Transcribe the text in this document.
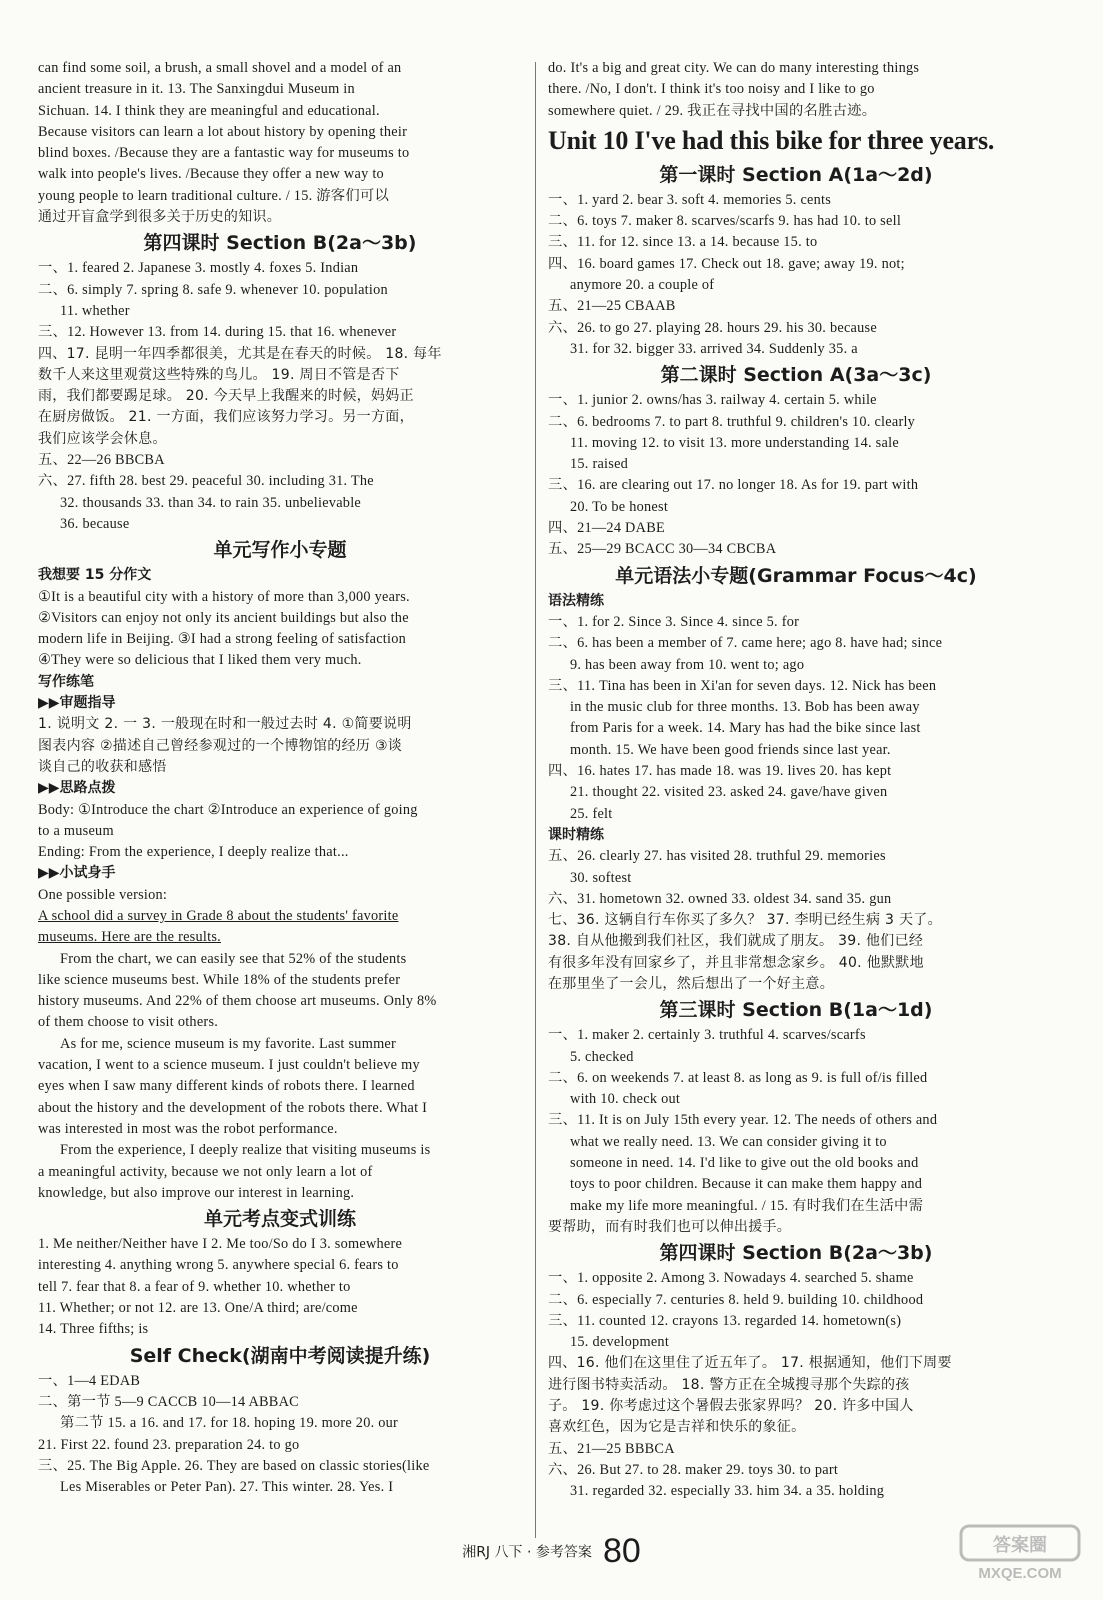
can find some soil, a brush, a small shovel and a model of an
ancient treasure in it. 13. The Sanxingdui Museum in
Sichuan. 14. I think they are meaningful and educational.
Because visitors can learn a lot about history by opening their
blind boxes. /Because they are a fantastic way for museums to
walk into people's lives. /Because they offer a new way to
young people to learn traditional culture. / 15. 游客们可以
通过开盲盒学到很多关于历史的知识。
第四课时 Section B(2a～3b)
一、1. feared 2. Japanese 3. mostly 4. foxes 5. Indian
二、6. simply 7. spring 8. safe 9. whenever 10. population
11. whether
三、12. However 13. from 14. during 15. that 16. whenever
四、17. 昆明一年四季都很美，尤其是在春天的时候。 18. 每年
数千人来这里观赏这些特殊的鸟儿。 19. 周日不管是否下
雨，我们都要踢足球。 20. 今天早上我醒来的时候，妈妈正
在厨房做饭。 21. 一方面，我们应该努力学习。另一方面，
我们应该学会休息。
五、22—26 BBCBA
六、27. fifth 28. best 29. peaceful 30. including 31. The
32. thousands 33. than 34. to rain 35. unbelievable
36. because
单元写作小专题
我想要 15 分作文
①It is a beautiful city with a history of more than 3,000 years.
②Visitors can enjoy not only its ancient buildings but also the
modern life in Beijing. ③I had a strong feeling of satisfaction
④They were so delicious that I liked them very much.
写作练笔
▶▶审题指导
1. 说明文 2. 一 3. 一般现在时和一般过去时 4. ①简要说明
图表内容 ②描述自己曾经参观过的一个博物馆的经历 ③谈
谈自己的收获和感悟
▶▶思路点拨
Body: ①Introduce the chart ②Introduce an experience of going
to a museum
Ending: From the experience, I deeply realize that...
▶▶小试身手
One possible version:
A school did a survey in Grade 8 about the students' favorite
museums. Here are the results.
From the chart, we can easily see that 52% of the students
like science museums best. While 18% of the students prefer
history museums. And 22% of them choose art museums. Only 8%
of them choose to visit others.
As for me, science museum is my favorite. Last summer
vacation, I went to a science museum. I just couldn't believe my
eyes when I saw many different kinds of robots there. I learned
about the history and the development of the robots there. What I
was interested in most was the robot performance.
From the experience, I deeply realize that visiting museums is
a meaningful activity, because we not only learn a lot of
knowledge, but also improve our interest in learning.
单元考点变式训练
1. Me neither/Neither have I 2. Me too/So do I 3. somewhere
interesting 4. anything wrong 5. anywhere special 6. fears to
tell 7. fear that 8. a fear of 9. whether 10. whether to
11. Whether; or not 12. are 13. One/A third; are/come
14. Three fifths; is
Self Check(湖南中考阅读提升练)
一、1—4 EDAB
二、第一节 5—9 CACCB 10—14 ABBAC
第二节 15. a 16. and 17. for 18. hoping 19. more 20. our
21. First 22. found 23. preparation 24. to go
三、25. The Big Apple. 26. They are based on classic stories(like
Les Miserables or Peter Pan). 27. This winter. 28. Yes. I
do. It's a big and great city. We can do many interesting things
there. /No, I don't. I think it's too noisy and I like to go
somewhere quiet. / 29. 我正在寻找中国的名胜古迹。
Unit 10 I've had this bike for three years.
第一课时 Section A(1a～2d)
一、1. yard 2. bear 3. soft 4. memories 5. cents
二、6. toys 7. maker 8. scarves/scarfs 9. has had 10. to sell
三、11. for 12. since 13. a 14. because 15. to
四、16. board games 17. Check out 18. gave; away 19. not;
anymore 20. a couple of
五、21—25 CBAAB
六、26. to go 27. playing 28. hours 29. his 30. because
31. for 32. bigger 33. arrived 34. Suddenly 35. a
第二课时 Section A(3a～3c)
一、1. junior 2. owns/has 3. railway 4. certain 5. while
二、6. bedrooms 7. to part 8. truthful 9. children's 10. clearly
11. moving 12. to visit 13. more understanding 14. sale
15. raised
三、16. are clearing out 17. no longer 18. As for 19. part with
20. To be honest
四、21—24 DABE
五、25—29 BCACC 30—34 CBCBA
单元语法小专题(Grammar Focus～4c)
语法精练
一、1. for 2. Since 3. Since 4. since 5. for
二、6. has been a member of 7. came here; ago 8. have had; since
9. has been away from 10. went to; ago
三、11. Tina has been in Xi'an for seven days. 12. Nick has been
in the music club for three months. 13. Bob has been away
from Paris for a week. 14. Mary has had the bike since last
month. 15. We have been good friends since last year.
四、16. hates 17. has made 18. was 19. lives 20. has kept
21. thought 22. visited 23. asked 24. gave/have given
25. felt
课时精练
五、26. clearly 27. has visited 28. truthful 29. memories
30. softest
六、31. hometown 32. owned 33. oldest 34. sand 35. gun
七、36. 这辆自行车你买了多久？ 37. 李明已经生病 3 天了。
38. 自从他搬到我们社区，我们就成了朋友。 39. 他们已经
有很多年没有回家乡了，并且非常想念家乡。 40. 他默默地
在那里坐了一会儿，然后想出了一个好主意。
第三课时 Section B(1a～1d)
一、1. maker 2. certainly 3. truthful 4. scarves/scarfs
5. checked
二、6. on weekends 7. at least 8. as long as 9. is full of/is filled
with 10. check out
三、11. It is on July 15th every year. 12. The needs of others and
what we really need. 13. We can consider giving it to
someone in need. 14. I'd like to give out the old books and
toys to poor children. Because it can make them happy and
make my life more meaningful. / 15. 有时我们在生活中需
要帮助，而有时我们也可以伸出援手。
第四课时 Section B(2a～3b)
一、1. opposite 2. Among 3. Nowadays 4. searched 5. shame
二、6. especially 7. centuries 8. held 9. building 10. childhood
三、11. counted 12. crayons 13. regarded 14. hometown(s)
15. development
四、16. 他们在这里住了近五年了。 17. 根据通知，他们下周要
进行图书特卖活动。 18. 警方正在全城搜寻那个失踪的孩
子。 19. 你考虑过这个暑假去张家界吗？ 20. 许多中国人
喜欢红色，因为它是吉祥和快乐的象征。
五、21—25 BBBCA
六、26. But 27. to 28. maker 29. toys 30. to part
31. regarded 32. especially 33. him 34. a 35. holding
湘RJ 八下 · 参考答案 80	答案圈
MXQE.COM
